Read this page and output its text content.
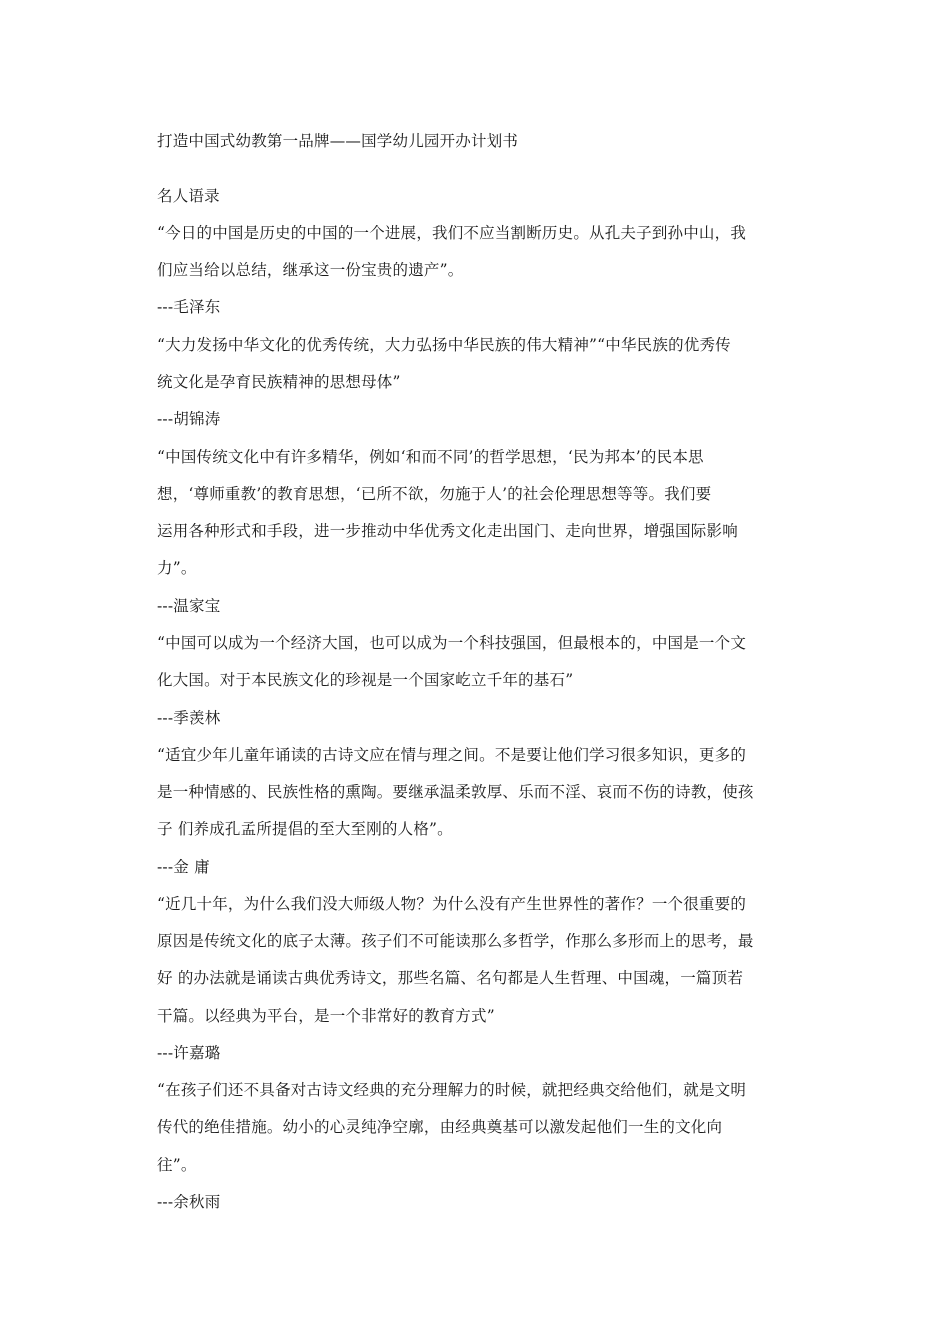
打造中国式幼教第一品牌——国学幼儿园开办计划书
名人语录
“今日的中国是历史的中国的一个进展，我们不应当割断历史。从孔夫子到孙中山，我
们应当给以总结，继承这一份宝贵的遗产”。
---毛泽东
“大力发扬中华文化的优秀传统，大力弘扬中华民族的伟大精神”“中华民族的优秀传
统文化是孕育民族精神的思想母体”
---胡锦涛
“中国传统文化中有许多精华，例如‘和而不同’的哲学思想，‘民为邦本’的民本思
想，‘尊师重教’的教育思想，‘已所不欲，勿施于人’的社会伦理思想等等。我们要
运用各种形式和手段，进一步推动中华优秀文化走出国门、走向世界，增强国际影响
力”。
---温家宝
“中国可以成为一个经济大国，也可以成为一个科技强国，但最根本的，中国是一个文
化大国。对于本民族文化的珍视是一个国家屹立千年的基石”
---季羡林
“适宜少年儿童年诵读的古诗文应在情与理之间。不是要让他们学习很多知识，更多的
是一种情感的、民族性格的熏陶。要继承温柔敦厚、乐而不淫、哀而不伤的诗教，使孩
子 们养成孔孟所提倡的至大至刚的人格”。
---金 庸
“近几十年，为什么我们没大师级人物？为什么没有产生世界性的著作？一个很重要的
原因是传统文化的底子太薄。孩子们不可能读那么多哲学，作那么多形而上的思考，最
好 的办法就是诵读古典优秀诗文，那些名篇、名句都是人生哲理、中国魂，一篇顶若
干篇。以经典为平台，是一个非常好的教育方式”
---许嘉璐
“在孩子们还不具备对古诗文经典的充分理解力的时候，就把经典交给他们，就是文明
传代的绝佳措施。幼小的心灵纯净空廓，由经典奠基可以激发起他们一生的文化向
往”。
---余秋雨
